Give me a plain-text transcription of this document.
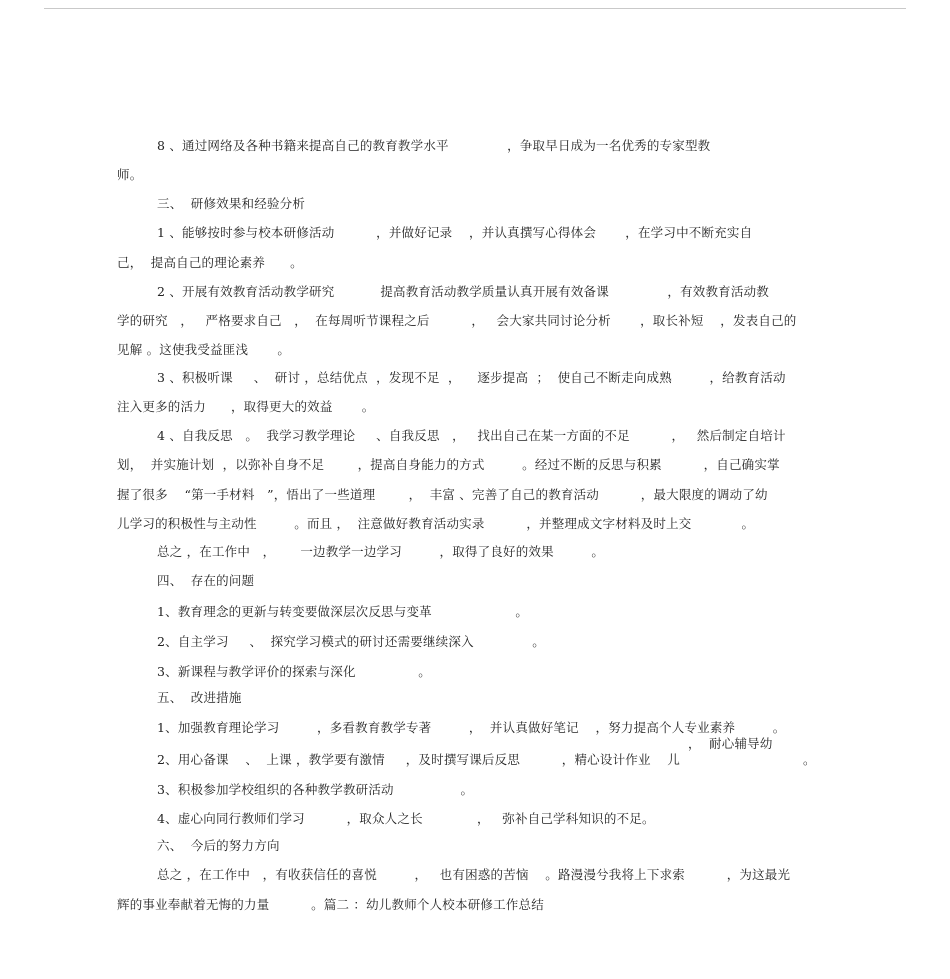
8 、通过网络及各种书籍来提高自己的教育教学水平              ，争取早日成为一名优秀的专家型教
师。
三、  研修效果和经验分析
1 、能够按时参与校本研修活动          ，并做好记录    ，并认真撰写心得体会       ，在学习中不断充实自
己，  提高自己的理论素养      。
2 、开展有效教育活动教学研究           提高教育活动教学质量认真开展有效备课              ，有效教育活动教
学的研究   ，   严格要求自己   ，  在每周听节课程之后          ，   会大家共同讨论分析       ，取长补短    ，发表自己的
见解 。这使我受益匪浅       。
3 、积极听课     、  研讨 ，总结优点  ，发现不足  ，    逐步提高  ；  使自己不断走向成熟         ，给教育活动
注入更多的活力      ，取得更大的效益       。
4 、自我反思   。  我学习教学理论     、自我反思   ，   找出自己在某一方面的不足          ，   然后制定自培计
划，  并实施计划  ，以弥补自身不足        ，提高自身能力的方式         。经过不断的反思与积累          ，自己确实掌
握了很多    “第一手材料   ”，悟出了一些道理        ，  丰富 、完善了自己的教育活动          ，最大限度的调动了幼
儿学习的积极性与主动性         。而且 ，  注意做好教育活动实录          ，并整理成文字材料及时上交            。
总之 ，在工作中   ，      一边教学一边学习         ，取得了良好的效果         。
四、  存在的问题
1、教育理念的更新与转变要做深层次反思与变革                    。
2、自主学习     、  探究学习模式的研讨还需要继续深入              。
3、新课程与教学评价的探索与深化               。
五、  改进措施
1、加强教育理论学习         ，多看教育教学专著         ，  并认真做好笔记    ，努力提高个人专业素养         。
，  耐心辅导幼
2、用心备课    、  上课 ，教学要有激情     ，及时撰写课后反思          ，精心设计作业    儿	。
3、积极参加学校组织的各种教学教研活动                。
4、虚心向同行教师们学习          ，取众人之长             ，   弥补自己学科知识的不足。
六、  今后的努力方向
总之 ，在工作中   ，有收获信任的喜悦         ，   也有困惑的苦恼    。路漫漫兮我将上下求索          ，为这最光
辉的事业奉献着无悔的力量          。篇二 ：幼儿教师个人校本研修工作总结
